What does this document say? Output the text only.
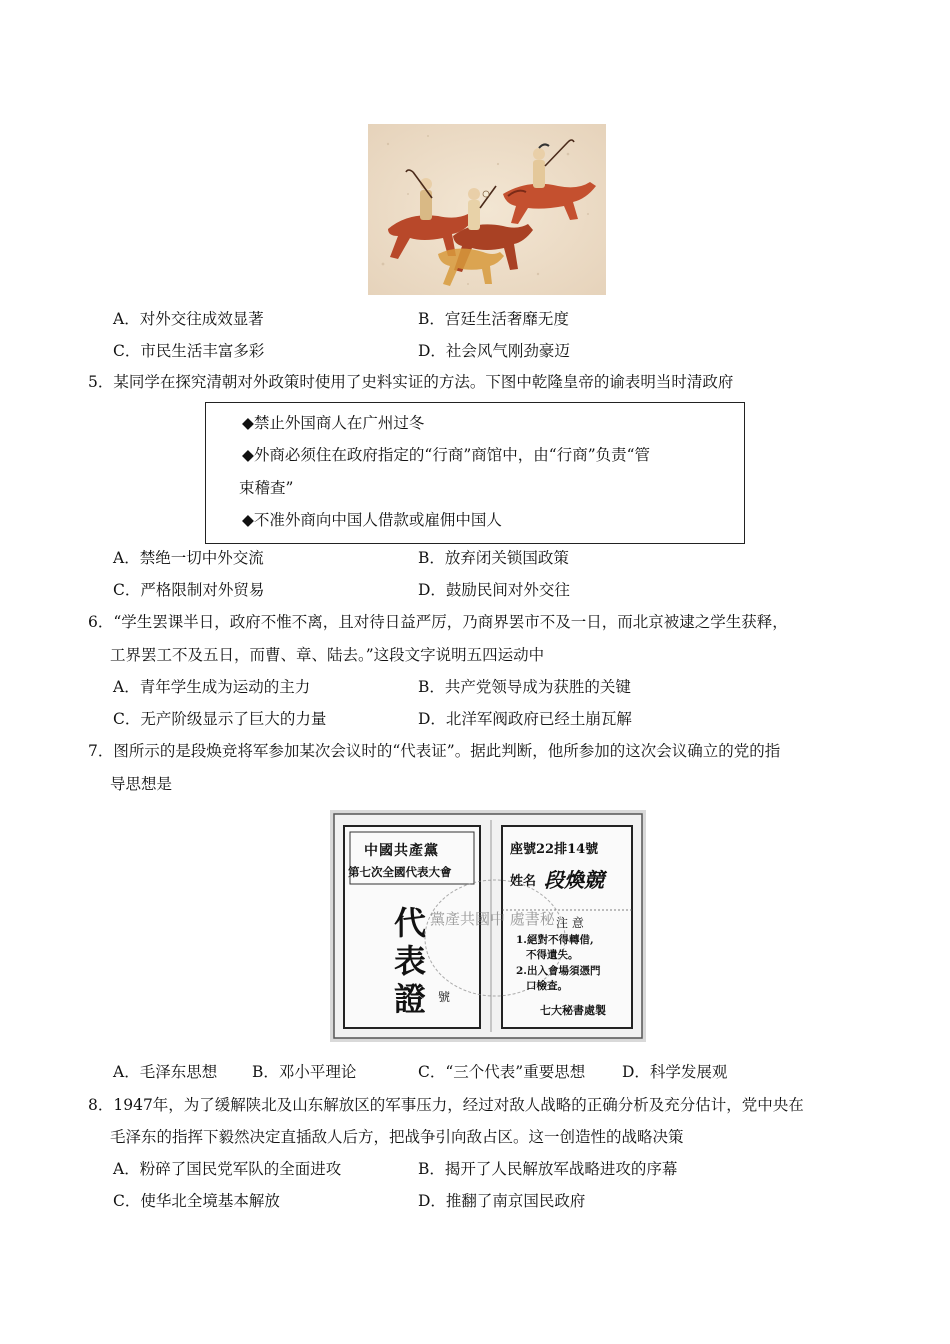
A．对外交往成效显著	B．宫廷生活奢靡无度
C．市民生活丰富多彩	D．社会风气刚劲豪迈
5．某同学在探究清朝对外政策时使用了史料实证的方法。下图中乾隆皇帝的谕表明当时清政府
◆禁止外国商人在广州过冬
◆外商必须住在政府指定的“行商”商馆中，由“行商”负责“管
束稽查”
◆不准外商向中国人借款或雇佣中国人
A．禁绝一切中外交流	B．放弃闭关锁国政策
C．严格限制对外贸易	D．鼓励民间对外交往
6．“学生罢课半日，政府不惟不离，且对待日益严厉，乃商界罢市不及一日，而北京被逮之学生获释，
工界罢工不及五日，而曹、章、陆去。”这段文字说明五四运动中
A．青年学生成为运动的主力	B．共产党领导成为获胜的关键
C．无产阶级显示了巨大的力量	D．北洋军阀政府已经土崩瓦解
7．图所示的是段焕竞将军参加某次会议时的“代表证”。据此判断，他所参加的这次会议确立的党的指
导思想是
中國共產黨
第七次全國代表大會
代
表
證 號
座號22排14號
姓名 段煥競
注 意
1.絕對不得轉借,
不得遺失。
2.出入會場須憑門
口檢查。
七大秘書處製
黨產共國中 處書秘
A．毛泽东思想 B．邓小平理论	C．“三个代表”重要思想 D．科学发展观
8．1947年，为了缓解陕北及山东解放区的军事压力，经过对敌人战略的正确分析及充分估计，党中央在
毛泽东的指挥下毅然决定直插敌人后方，把战争引向敌占区。这一创造性的战略决策
A．粉碎了国民党军队的全面进攻	B．揭开了人民解放军战略进攻的序幕
C．使华北全境基本解放	D．推翻了南京国民政府
